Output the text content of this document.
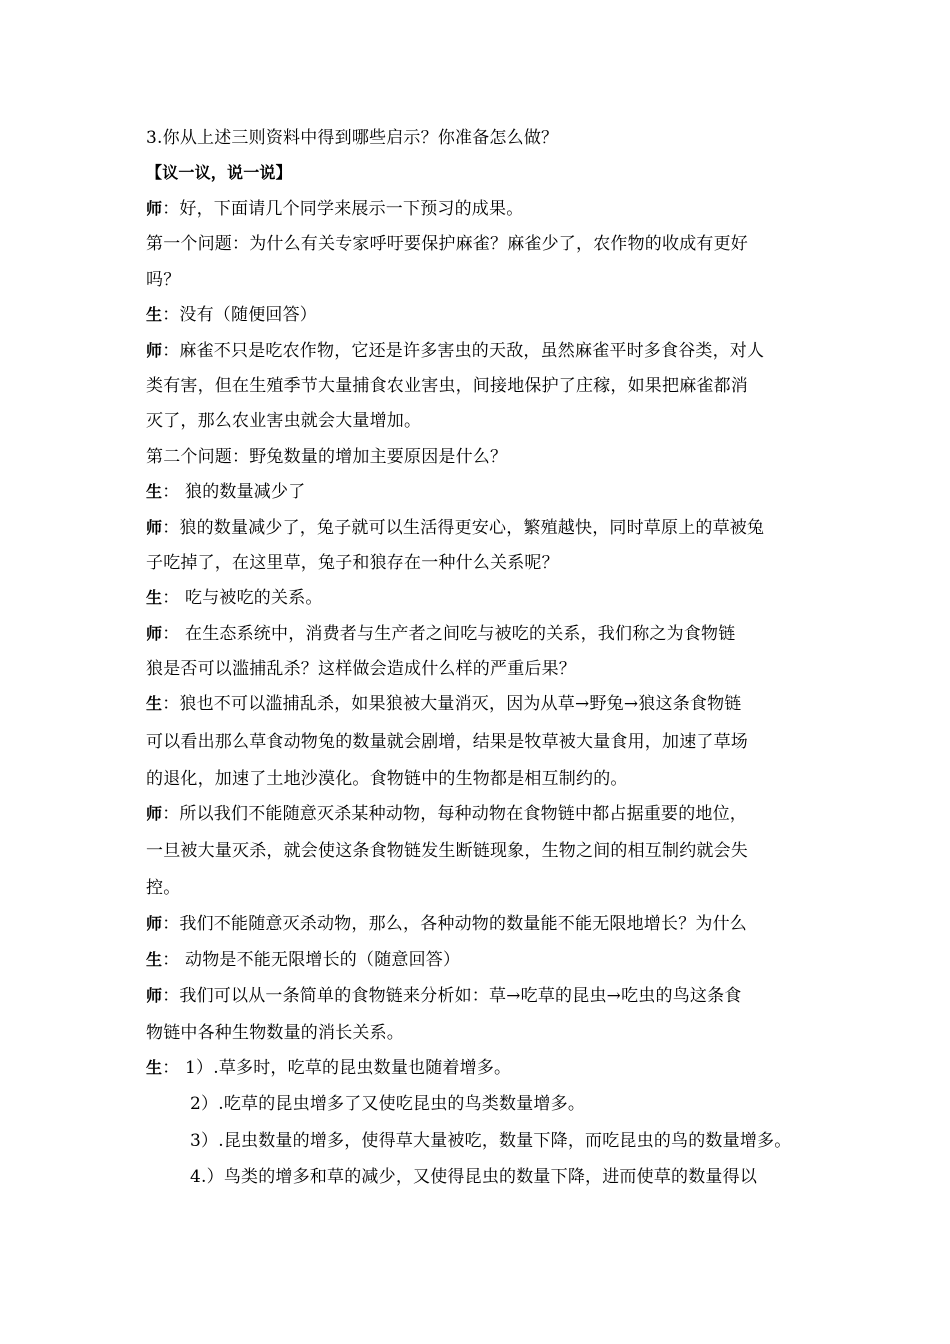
3.你从上述三则资料中得到哪些启示？你准备怎么做？
【议一议，说一说】
师：好，下面请几个同学来展示一下预习的成果。
第一个问题：为什么有关专家呼吁要保护麻雀？麻雀少了，农作物的收成有更好
吗？
生：没有（随便回答）
师：麻雀不只是吃农作物，它还是许多害虫的天敌，虽然麻雀平时多食谷类，对人
类有害，但在生殖季节大量捕食农业害虫，间接地保护了庄稼，如果把麻雀都消
灭了，那么农业害虫就会大量增加。
第二个问题：野兔数量的增加主要原因是什么？
生： 狼的数量减少了
师：狼的数量减少了，兔子就可以生活得更安心，繁殖越快，同时草原上的草被兔
子吃掉了，在这里草，兔子和狼存在一种什么关系呢？
生： 吃与被吃的关系。
师： 在生态系统中，消费者与生产者之间吃与被吃的关系，我们称之为食物链
狼是否可以滥捕乱杀？这样做会造成什么样的严重后果？
生：狼也不可以滥捕乱杀，如果狼被大量消灭，因为从草→野兔→狼这条食物链
可以看出那么草食动物兔的数量就会剧增，结果是牧草被大量食用，加速了草场
的退化，加速了土地沙漠化。食物链中的生物都是相互制约的。
师：所以我们不能随意灭杀某种动物，每种动物在食物链中都占据重要的地位，
一旦被大量灭杀，就会使这条食物链发生断链现象，生物之间的相互制约就会失
控。
师：我们不能随意灭杀动物，那么，各种动物的数量能不能无限地增长？为什么
生： 动物是不能无限增长的（随意回答）
师：我们可以从一条简单的食物链来分析如：草→吃草的昆虫→吃虫的鸟这条食
物链中各种生物数量的消长关系。
生： 1）.草多时，吃草的昆虫数量也随着增多。
2）.吃草的昆虫增多了又使吃昆虫的鸟类数量增多。
3）.昆虫数量的增多，使得草大量被吃，数量下降，而吃昆虫的鸟的数量增多。
4.）鸟类的增多和草的减少，又使得昆虫的数量下降，进而使草的数量得以
